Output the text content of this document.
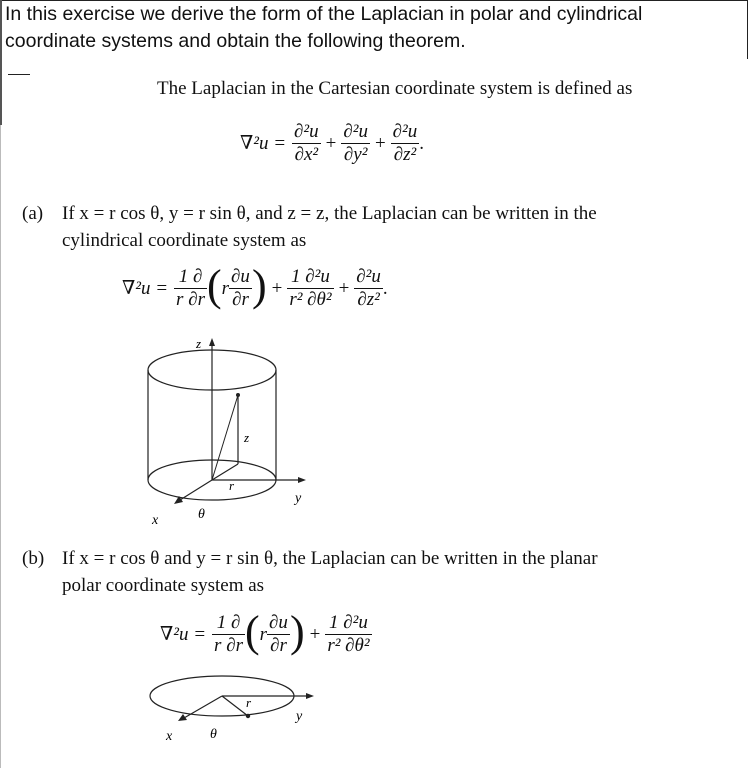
In this exercise we derive the form of the Laplacian in polar and cylindrical
coordinate systems and obtain the following theorem.
The Laplacian in the Cartesian coordinate system is defined as
$\nabla^2u = \frac{\text{∂²u}}{\text{∂x²}} + \frac{\text{∂²u}}{\text{∂y²}} + \frac{\text{∂²u}}{\text{∂z²}}$ .
(a) If x = r cos θ, y = r sin θ, and z = z, the Laplacian can be written in the
cylindrical coordinate system as
$\nabla^2u = \frac{1 \partial}{r \partial r}$ ( r $\frac{\partial u}{\partial r}$ ) + $\frac{\text{1 ∂²u}}{\text{r² ∂θ²}} + \frac{\text{∂²u}}{\text{∂z²}}$ .
z
z
r
y
x	θ
(b) If x = r cos θ and y = r sin θ, the Laplacian can be written in the planar
polar coordinate system as
$\nabla^2u = \frac{1 \partial}{r \partial r}$ ( r $\frac{\partial u}{\partial r}$ ) + $\frac{\text{1 ∂²u}}{\text{r² ∂θ²}}$
r
y
x	θ
